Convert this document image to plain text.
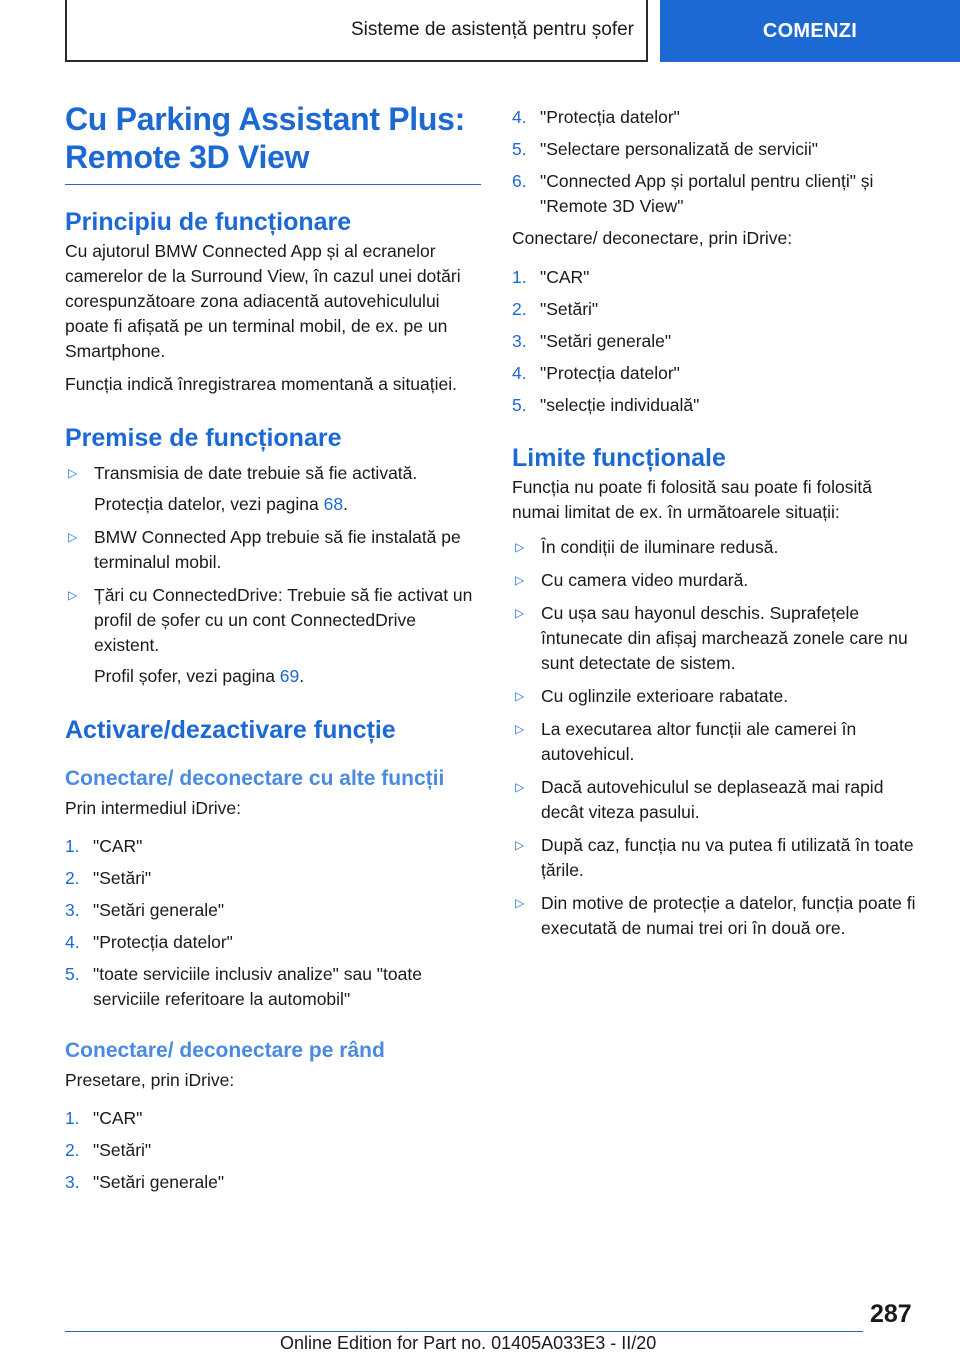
Sisteme de asistență pentru șofer	COMENZI
Cu Parking Assistant Plus: Remote 3D View
Principiu de funcționare

Cu ajutorul BMW Connected App și al ecranelor camerelor de la Surround View, în cazul unei dotări corespunzătoare zona adiacentă autovehiculului poate fi afișată pe un terminal mobil, de ex. pe un Smartphone.

Funcția indică înregistrarea momentană a situației.

Premise de funcționare
▷ Transmisia de date trebuie să fie activată.
Protecția datelor, vezi pagina 68.
▷ BMW Connected App trebuie să fie instalată pe terminalul mobil.
▷ Țări cu ConnectedDrive: Trebuie să fie activat un profil de șofer cu un cont ConnectedDrive existent.
Profil șofer, vezi pagina 69.
Activare/dezactivare funcție
Conectare/ deconectare cu alte funcții

Prin intermediul iDrive:

1. "CAR"
2. "Setări"
3. "Setări generale"
4. "Protecția datelor"
5. "toate serviciile inclusiv analize" sau "toate serviciile referitoare la automobil"
Conectare/ deconectare pe rând

Presetare, prin iDrive:

1. "CAR"
2. "Setări"
3. "Setări generale"
4. "Protecția datelor"
5. "Selectare personalizată de servicii"
6. "Connected App și portalul pentru clienți" și "Remote 3D View"

Conectare/ deconectare, prin iDrive:

1. "CAR"
2. "Setări"
3. "Setări generale"
4. "Protecția datelor"
5. "selecție individuală"
Limite funcționale

Funcția nu poate fi folosită sau poate fi folosită numai limitat de ex. în următoarele situații:

▷ În condiții de iluminare redusă.
▷ Cu camera video murdară.
▷ Cu ușa sau hayonul deschis. Suprafețele întunecate din afișaj marchează zonele care nu sunt detectate de sistem.
▷ Cu oglinzile exterioare rabatate.
▷ La executarea altor funcții ale camerei în autovehicul.
▷ Dacă autovehiculul se deplasează mai rapid decât viteza pasului.
▷ După caz, funcția nu va putea fi utilizată în toate țările.
▷ Din motive de protecție a datelor, funcția poate fi executată de numai trei ori în două ore.
287
Online Edition for Part no. 01405A033E3 - II/20
